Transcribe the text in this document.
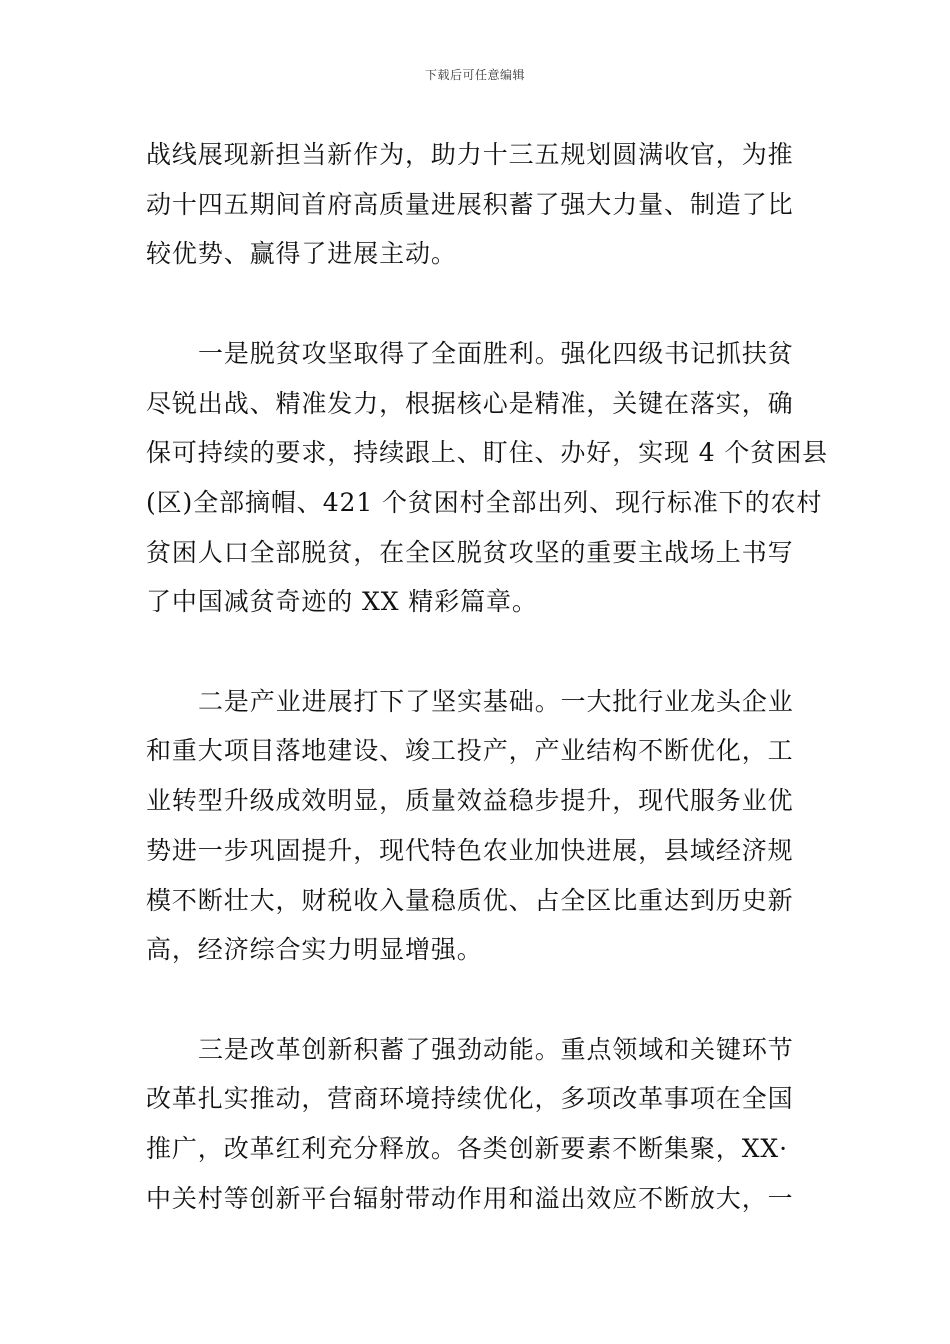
下载后可任意编辑
战线展现新担当新作为，助力十三五规划圆满收官，为推
动十四五期间首府高质量进展积蓄了强大力量、制造了比
较优势、赢得了进展主动。
一是脱贫攻坚取得了全面胜利。强化四级书记抓扶贫
尽锐出战、精准发力，根据核心是精准，关键在落实，确
保可持续的要求，持续跟上、盯住、办好，实现 4 个贫困县
(区)全部摘帽、421 个贫困村全部出列、现行标准下的农村
贫困人口全部脱贫，在全区脱贫攻坚的重要主战场上书写
了中国减贫奇迹的 XX 精彩篇章。
二是产业进展打下了坚实基础。一大批行业龙头企业
和重大项目落地建设、竣工投产，产业结构不断优化，工
业转型升级成效明显，质量效益稳步提升，现代服务业优
势进一步巩固提升，现代特色农业加快进展，县域经济规
模不断壮大，财税收入量稳质优、占全区比重达到历史新
高，经济综合实力明显增强。
三是改革创新积蓄了强劲动能。重点领域和关键环节
改革扎实推动，营商环境持续优化，多项改革事项在全国
推广，改革红利充分释放。各类创新要素不断集聚，XX·
中关村等创新平台辐射带动作用和溢出效应不断放大，一
